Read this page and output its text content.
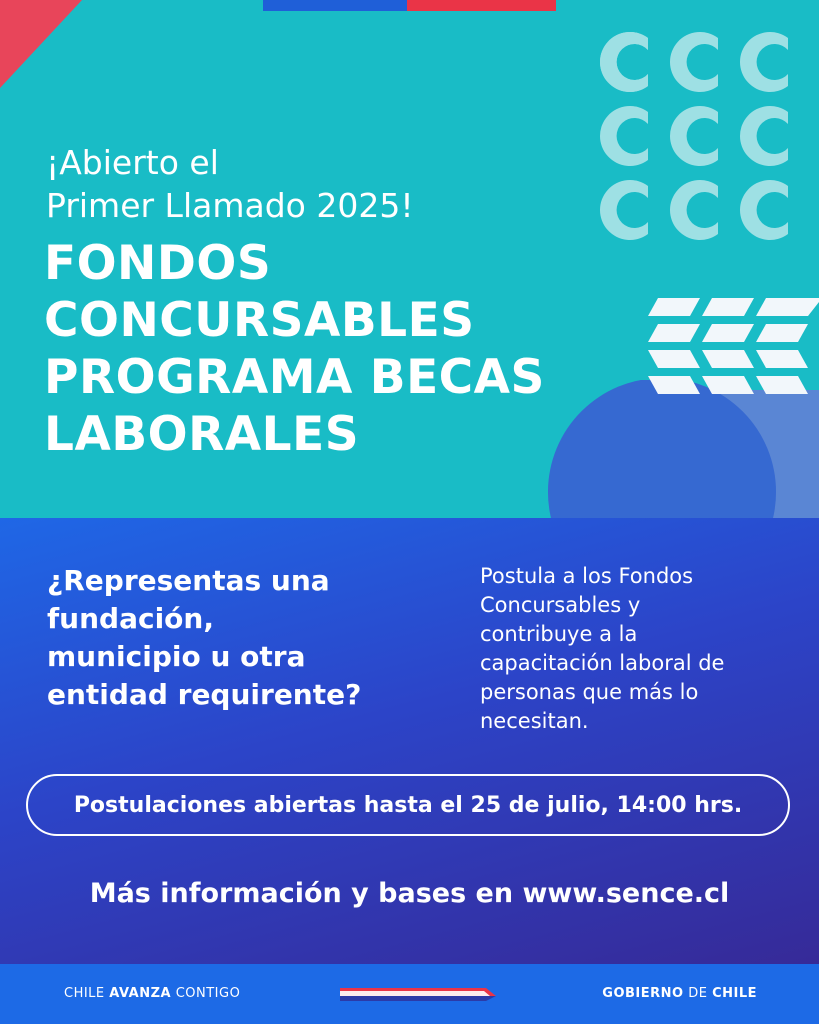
¡Abierto el
Primer Llamado 2025!

FONDOS
CONCURSABLES
PROGRAMA BECAS
LABORALES
¿Representas una
fundación,
municipio u otra
entidad requirente?

Postula a los Fondos
Concursables y
contribuye a la
capacitación laboral de
personas que más lo
necesitan.

Postulaciones abiertas hasta el 25 de julio, 14:00 hrs.
Más información y bases en www.sence.cl
CHILE AVANZA CONTIGO	GOBIERNO DE CHILE
